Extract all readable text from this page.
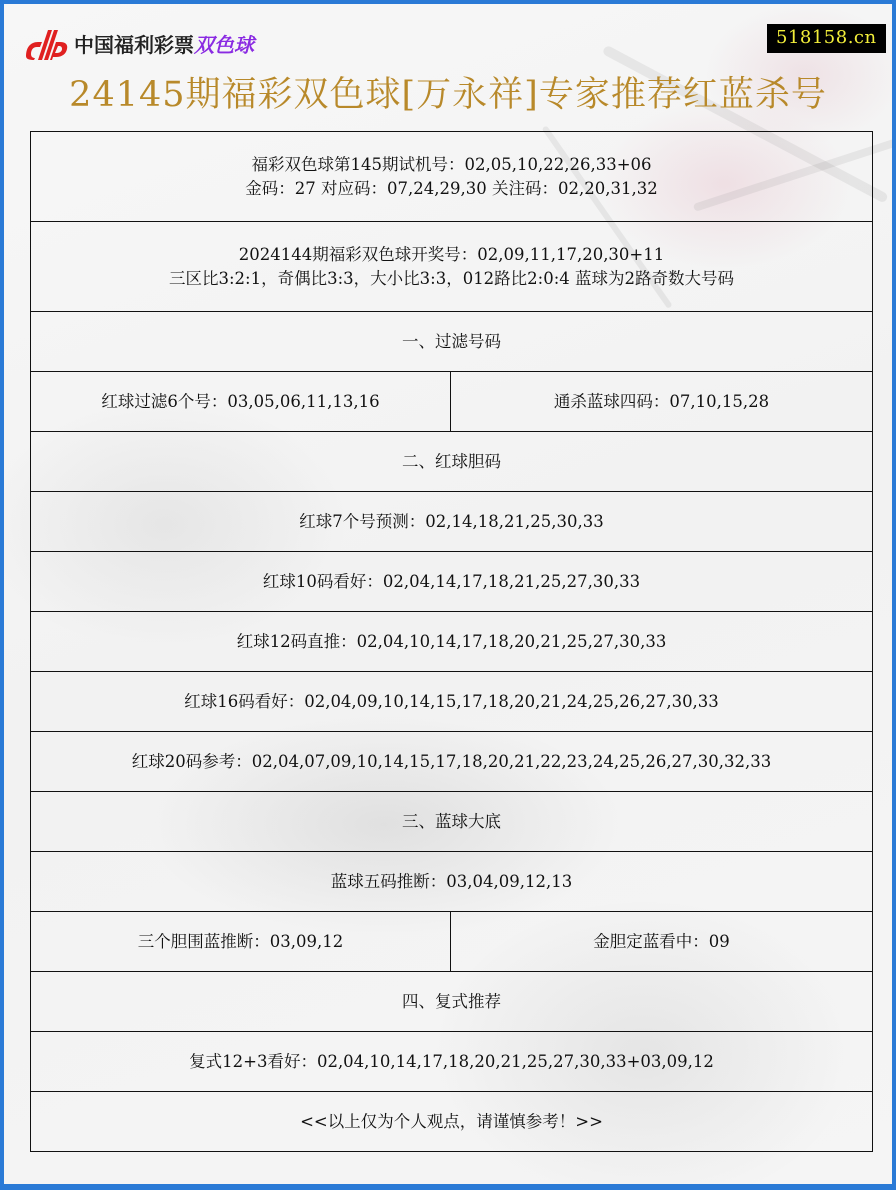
中国福利彩票双色球	518158.cn
24145期福彩双色球[万永祥]专家推荐红蓝杀号
福彩双色球第145期试机号：02,05,10,22,26,33+06
金码：27 对应码：07,24,29,30 关注码：02,20,31,32	

2024144期福彩双色球开奖号：02,09,11,17,20,30+11
三区比3:2:1，奇偶比3:3，大小比3:3，012路比2:0:4 蓝球为2路奇数大号码	

一、过滤号码	
红球过滤6个号：03,05,06,11,13,16	通杀蓝球四码：07,10,15,28
二、红球胆码	
红球7个号预测：02,14,18,21,25,30,33	
红球10码看好：02,04,14,17,18,21,25,27,30,33	
红球12码直推：02,04,10,14,17,18,20,21,25,27,30,33	
红球16码看好：02,04,09,10,14,15,17,18,20,21,24,25,26,27,30,33	
红球20码参考：02,04,07,09,10,14,15,17,18,20,21,22,23,24,25,26,27,30,32,33	
三、蓝球大底	
蓝球五码推断：03,04,09,12,13	
三个胆围蓝推断：03,09,12	金胆定蓝看中：09
四、复式推荐	
复式12+3看好：02,04,10,14,17,18,20,21,25,27,30,33+03,09,12	
<<以上仅为个人观点，请谨慎参考！>>	
